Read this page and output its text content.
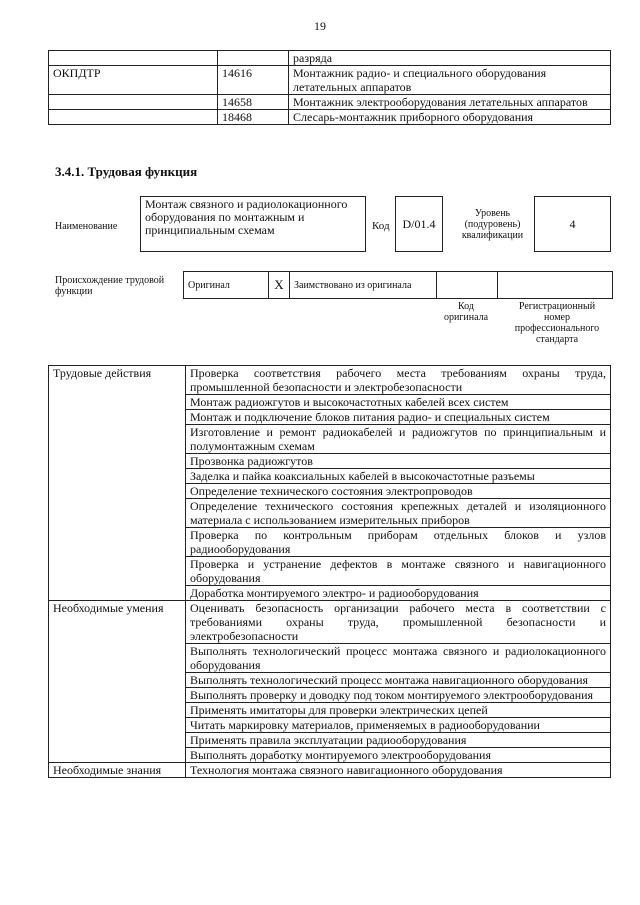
19
		разряда
ОКПДТР	14616	Монтажник радио- и специального оборудования летательных аппаратов
	14658	Монтажник электрооборудования летательных аппаратов
	18468	Слесарь-монтажник приборного оборудования
3.4.1. Трудовая функция
Наименование
Монтаж связного и радиолокационного оборудования по монтажным и принципиальным схемам	Код	D/01.4
Уровень (подуровень) квалификации
4
Происхождение трудовой функции
Оригинал	X	Заимствовано из оригинала		
Код оригинала
Регистрационный номер профессионального стандарта
Трудовые действия	Проверка соответствия рабочего места требованиям охраны труда, промышленной безопасности и электробезопасности
	Монтаж радиожгутов и высокочастотных кабелей всех систем
	Монтаж и подключение блоков питания радио- и специальных систем
	Изготовление и ремонт радиокабелей и радиожгутов по принципиальным и полумонтажным схемам
	Прозвонка радиожгутов
	Заделка и пайка коаксиальных кабелей в высокочастотные разъемы
	Определение технического состояния электропроводов
	Определение технического состояния крепежных деталей и изоляционного материала с использованием измерительных приборов
	Проверка по контрольным приборам отдельных блоков и узлов радиооборудования
	Проверка и устранение дефектов в монтаже связного и навигационного оборудования
	Доработка монтируемого электро- и радиооборудования
Необходимые умения	Оценивать безопасность организации рабочего места в соответствии с требованиями охраны труда, промышленной безопасности и электробезопасности
	Выполнять технологический процесс монтажа связного и радиолокационного оборудования
	Выполнять технологический процесс монтажа навигационного оборудования
	Выполнять проверку и доводку под током монтируемого электрооборудования
	Применять имитаторы для проверки электрических цепей
	Читать маркировку материалов, применяемых в радиооборудовании
	Применять правила эксплуатации радиооборудования
	Выполнять доработку монтируемого электрооборудования
Необходимые знания	Технология монтажа связного навигационного оборудования
